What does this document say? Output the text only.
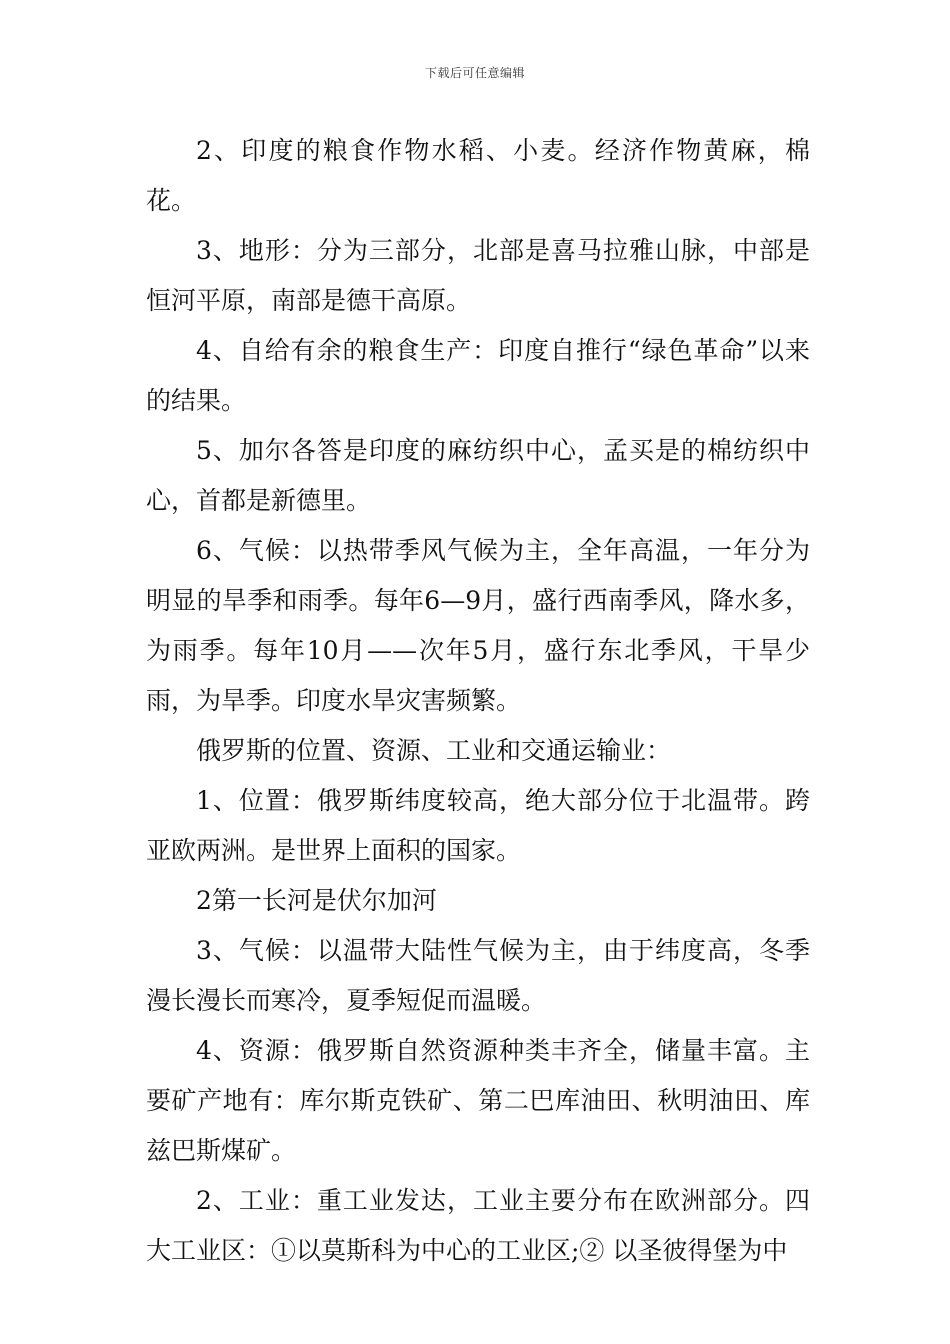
下载后可任意编辑

2、印度的粮食作物水稻、小麦。经济作物黄麻，棉花。

3、地形：分为三部分，北部是喜马拉雅山脉，中部是恒河平原，南部是德干高原。

4、自给有余的粮食生产：印度自推行“绿色革命”以来的结果。

5、加尔各答是印度的麻纺织中心，孟买是的棉纺织中心，首都是新德里。

6、气候：以热带季风气候为主，全年高温，一年分为明显的旱季和雨季。每年6—9月，盛行西南季风，降水多，为雨季。每年10月——次年5月，盛行东北季风，干旱少雨，为旱季。印度水旱灾害频繁。

俄罗斯的位置、资源、工业和交通运输业：

1、位置：俄罗斯纬度较高，绝大部分位于北温带。跨亚欧两洲。是世界上面积的国家。

2第一长河是伏尔加河

3、气候：以温带大陆性气候为主，由于纬度高，冬季漫长漫长而寒冷，夏季短促而温暖。

4、资源：俄罗斯自然资源种类丰齐全，储量丰富。主要矿产地有：库尔斯克铁矿、第二巴库油田、秋明油田、库兹巴斯煤矿。

2、工业：重工业发达，工业主要分布在欧洲部分。四大工业区：①以莫斯科为中心的工业区;② 以圣彼得堡为中
